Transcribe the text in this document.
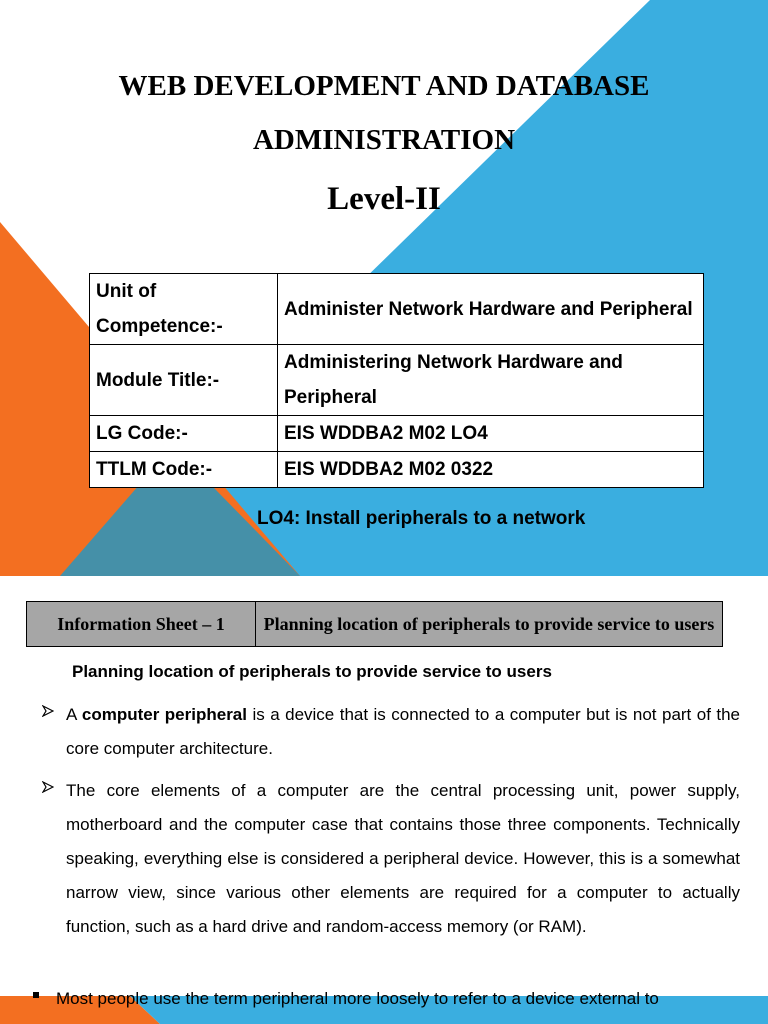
WEB DEVELOPMENT AND DATABASE
ADMINISTRATION
Level-II
Unit of Competence:-	Administer Network Hardware and Peripheral
Module Title:-	Administering Network Hardware and Peripheral
LG Code:-	EIS WDDBA2 M02 LO4
TTLM Code:-	EIS WDDBA2 M02 0322
LO4: Install peripherals to a network
Information Sheet – 1	Planning location of peripherals to provide service to users
Planning location of peripherals to provide service to users
A computer peripheral is a device that is connected to a computer but is not part of the core computer architecture.
The core elements of a computer are the central processing unit, power supply, motherboard and the computer case that contains those three components. Technically speaking, everything else is considered a peripheral device. However, this is a somewhat narrow view, since various other elements are required for a computer to actually function, such as a hard drive and random-access memory (or RAM).
Most people use the term peripheral more loosely to refer to a device external to
